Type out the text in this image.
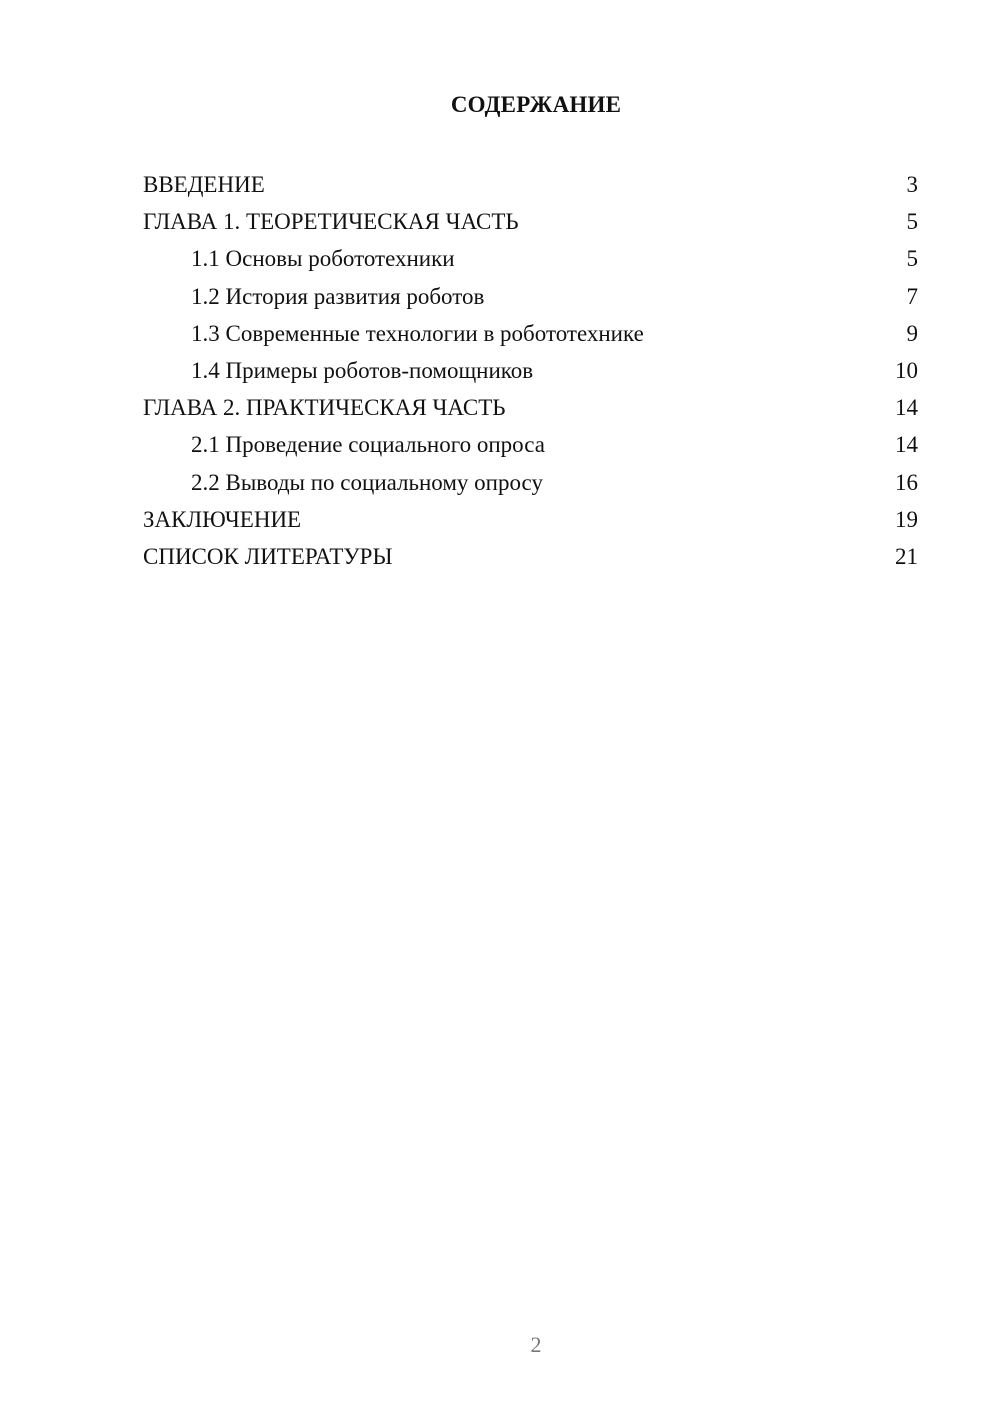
СОДЕРЖАНИЕ
ВВЕДЕНИЕ	3
ГЛАВА 1. ТЕОРЕТИЧЕСКАЯ ЧАСТЬ	5
1.1 Основы робототехники	5
1.2 История развития роботов	7
1.3 Современные технологии в робототехнике	9
1.4 Примеры роботов-помощников	10
ГЛАВА 2. ПРАКТИЧЕСКАЯ ЧАСТЬ	14
2.1 Проведение социального опроса	14
2.2 Выводы по социальному опросу	16
ЗАКЛЮЧЕНИЕ	19
СПИСОК ЛИТЕРАТУРЫ	21
2
